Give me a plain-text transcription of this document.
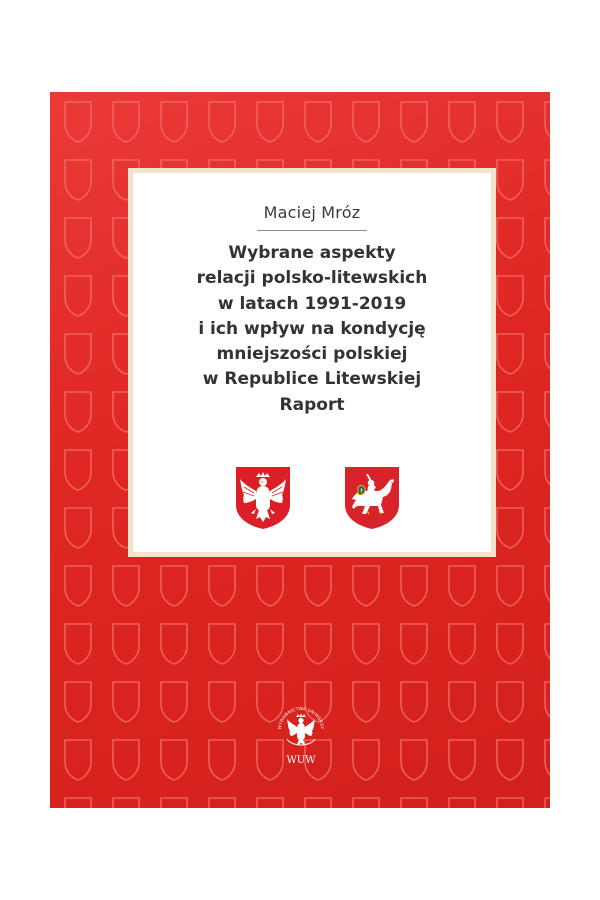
Maciej Mróz
Wybrane aspekty
relacji polsko-litewskich
w latach 1991-2019
i ich wpływ na kondycję
mniejszości polskiej
w Republice Litewskiej
Raport
WYDAWNICTWA UNIWERSY
WUW
